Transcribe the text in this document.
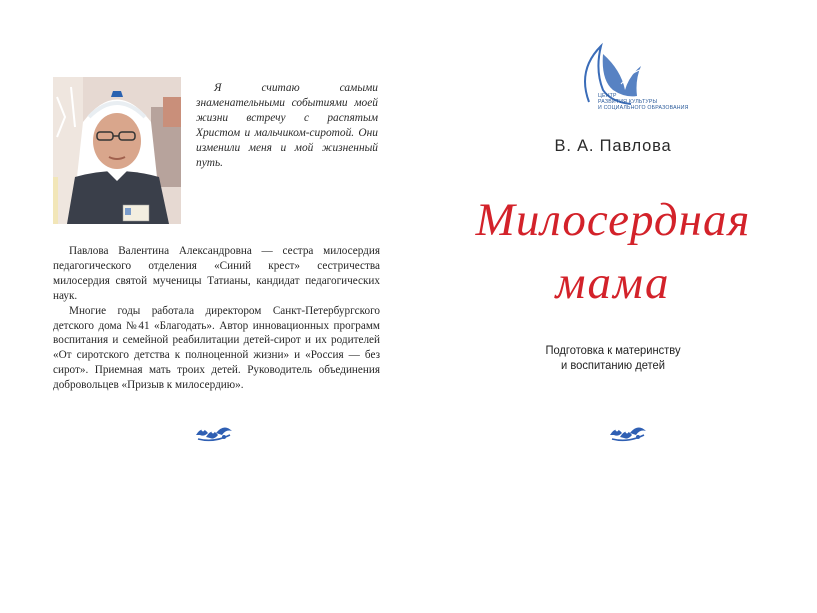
Я считаю самыми знаменательными событиями моей жизни встречу с распятым Христом и мальчиком-сиротой. Они изменили меня и мой жизненный путь.

Павлова Валентина Александровна — сестра милосердия педагогического отделения «Синий крест» сестричества милосердия святой мученицы Татианы, кандидат педагогических наук.

Многие годы работала директором Санкт-Петербургского детского дома №41 «Благодать». Автор инновационных программ воспитания и семейной реабилитации детей-сирот и их родителей «От сиротского детства к полноценной жизни» и «Россия — без сирот». Приемная мать троих детей. Руководитель объединения добровольцев «Призыв к милосердию».

ЦЕНТР
РАЗВИТИЯ КУЛЬТУРЫ
И СОЦИАЛЬНОГО ОБРАЗОВАНИЯ
В. А. Павлова
Милосердная
мама
Подготовка к материнству
и воспитанию детей
